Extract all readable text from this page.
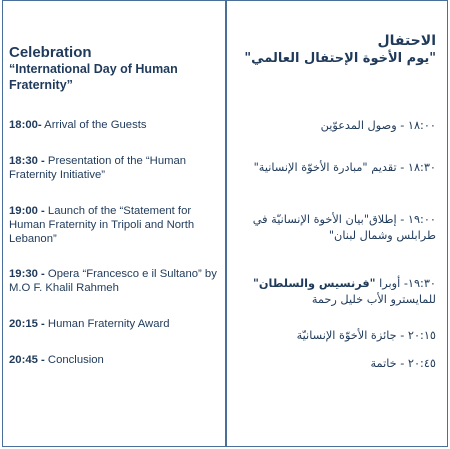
Celebration
“International Day of Human Fraternity”
18:00- Arrival of the Guests
18:30 - Presentation of the “Human Fraternity Initiative”
19:00 - Launch of the “Statement for Human Fraternity in Tripoli and North Lebanon”
19:30 - Opera “Francesco e il Sultano” by M.O F. Khalil Rahmeh
20:15 - Human Fraternity Award
20:45 - Conclusion
الاحتفال
"يوم الأخوة الإحتفال العالمي"
١٨:٠٠ - وصول المدعوّين
١٨:٣٠ - تقديم "مبادرة الأخوّة الإنسانية"
١٩:٠٠ - إطلاق"بيان الأخوة الإنسانيّة في طرابلس وشمال لبنان"
١٩:٣٠- أوبرا "فرنسيس والسلطان" للمايسترو الأب خليل رحمة
٢٠:١٥ - جائزة الأخوّة الإنسانيّة
٢٠:٤٥ - خاتمة
